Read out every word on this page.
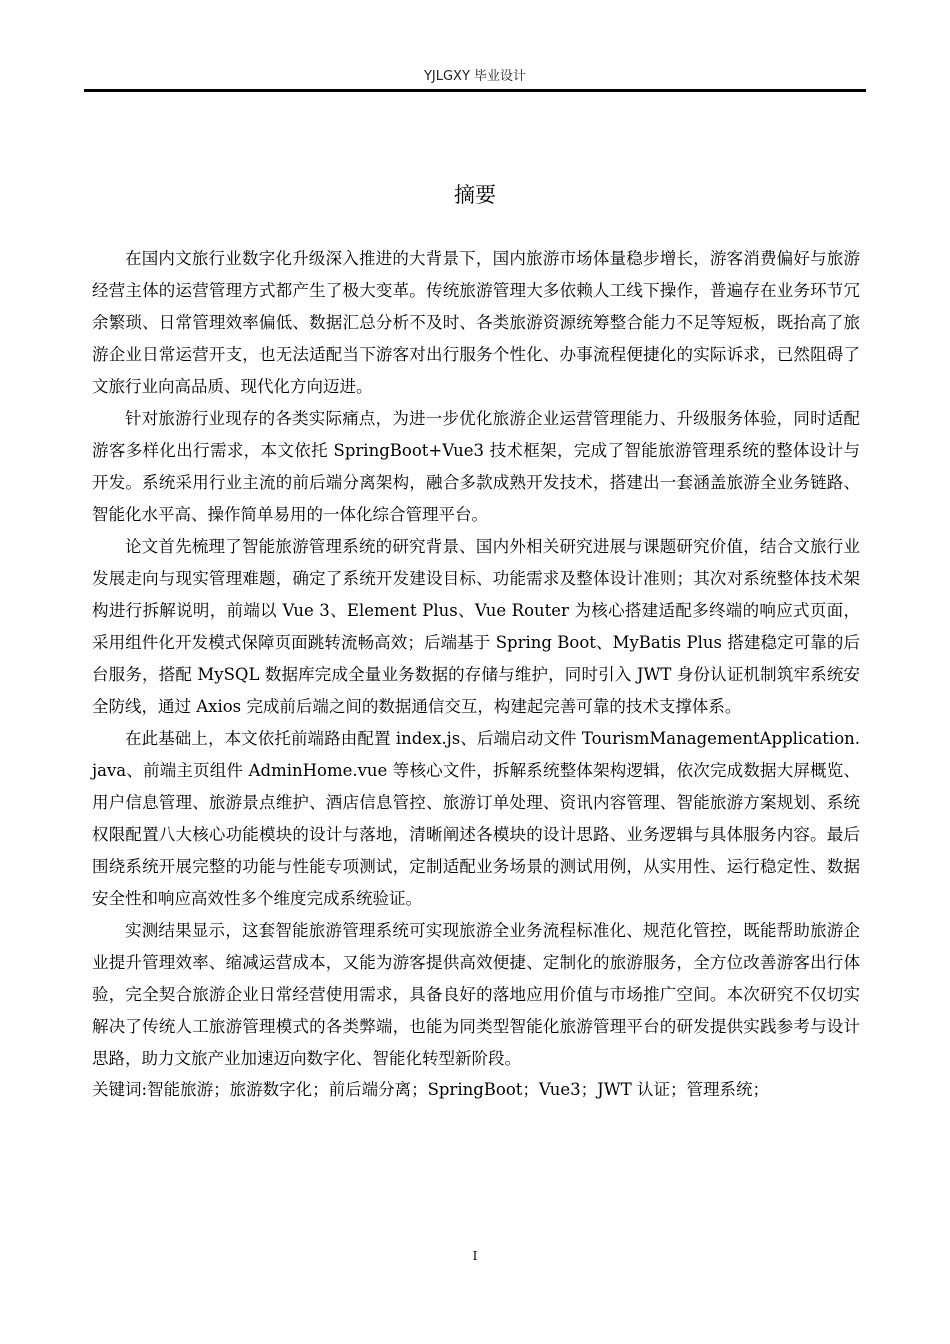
YJLGXY 毕业设计
摘要

在国内文旅行业数字化升级深入推进的大背景下，国内旅游市场体量稳步增长，游客消费偏好与旅游经营主体的运营管理方式都产生了极大变革。传统旅游管理大多依赖人工线下操作，普遍存在业务环节冗余繁琐、日常管理效率偏低、数据汇总分析不及时、各类旅游资源统筹整合能力不足等短板，既抬高了旅游企业日常运营开支，也无法适配当下游客对出行服务个性化、办事流程便捷化的实际诉求，已然阻碍了文旅行业向高品质、现代化方向迈进。

针对旅游行业现存的各类实际痛点，为进一步优化旅游企业运营管理能力、升级服务体验，同时适配游客多样化出行需求，本文依托 SpringBoot+Vue3 技术框架，完成了智能旅游管理系统的整体设计与开发。系统采用行业主流的前后端分离架构，融合多款成熟开发技术，搭建出一套涵盖旅游全业务链路、智能化水平高、操作简单易用的一体化综合管理平台。

论文首先梳理了智能旅游管理系统的研究背景、国内外相关研究进展与课题研究价值，结合文旅行业发展走向与现实管理难题，确定了系统开发建设目标、功能需求及整体设计准则；其次对系统整体技术架构进行拆解说明，前端以 Vue 3、Element Plus、Vue Router 为核心搭建适配多终端的响应式页面，采用组件化开发模式保障页面跳转流畅高效；后端基于 Spring Boot、MyBatis Plus 搭建稳定可靠的后台服务，搭配 MySQL 数据库完成全量业务数据的存储与维护，同时引入 JWT 身份认证机制筑牢系统安全防线，通过 Axios 完成前后端之间的数据通信交互，构建起完善可靠的技术支撑体系。

在此基础上，本文依托前端路由配置 index.js、后端启动文件 TourismManagementApplication.java、前端主页组件 AdminHome.vue 等核心文件，拆解系统整体架构逻辑，依次完成数据大屏概览、用户信息管理、旅游景点维护、酒店信息管控、旅游订单处理、资讯内容管理、智能旅游方案规划、系统权限配置八大核心功能模块的设计与落地，清晰阐述各模块的设计思路、业务逻辑与具体服务内容。最后围绕系统开展完整的功能与性能专项测试，定制适配业务场景的测试用例，从实用性、运行稳定性、数据安全性和响应高效性多个维度完成系统验证。

实测结果显示，这套智能旅游管理系统可实现旅游全业务流程标准化、规范化管控，既能帮助旅游企业提升管理效率、缩减运营成本，又能为游客提供高效便捷、定制化的旅游服务，全方位改善游客出行体验，完全契合旅游企业日常经营使用需求，具备良好的落地应用价值与市场推广空间。本次研究不仅切实解决了传统人工旅游管理模式的各类弊端，也能为同类型智能化旅游管理平台的研发提供实践参考与设计思路，助力文旅产业加速迈向数字化、智能化转型新阶段。

关键词:智能旅游；旅游数字化；前后端分离；SpringBoot；Vue3；JWT 认证；管理系统；

I
